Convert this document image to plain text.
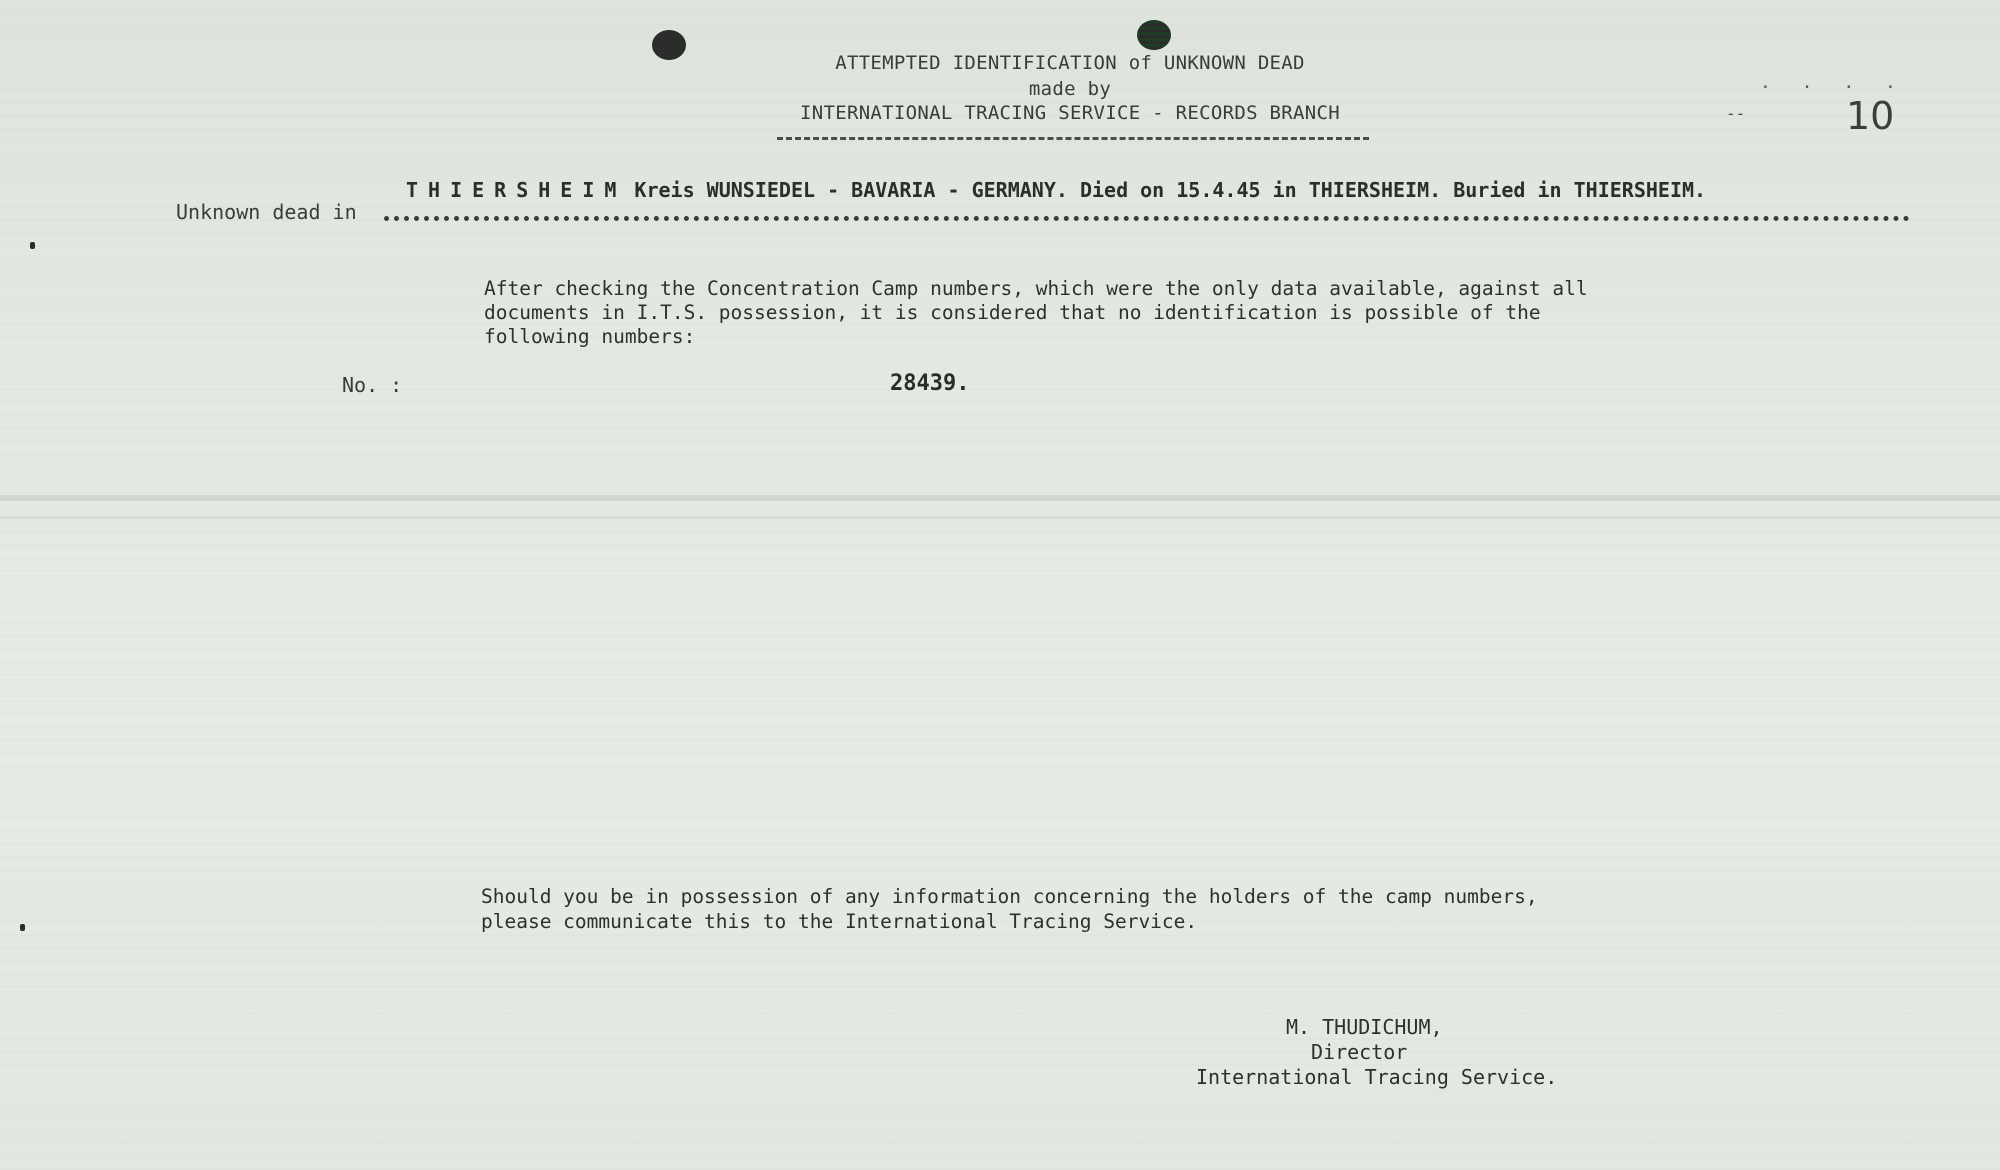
ATTEMPTED IDENTIFICATION of UNKNOWN DEAD
made by
INTERNATIONAL TRACING SERVICE - RECORDS BRANCH
. . . .
--	10
Unknown dead in
THIERSHEIM Kreis WUNSIEDEL - BAVARIA - GERMANY. Died on 15.4.45 in THIERSHEIM. Buried in THIERSHEIM.
After checking the Concentration Camp numbers, which were the only data available, against all
documents in I.T.S. possession, it is considered that no identification is possible of the
following numbers:
No. :	28439.
Should you be in possession of any information concerning the holders of the camp numbers,
please communicate this to the International Tracing Service.
M. THUDICHUM,
Director
International Tracing Service.
